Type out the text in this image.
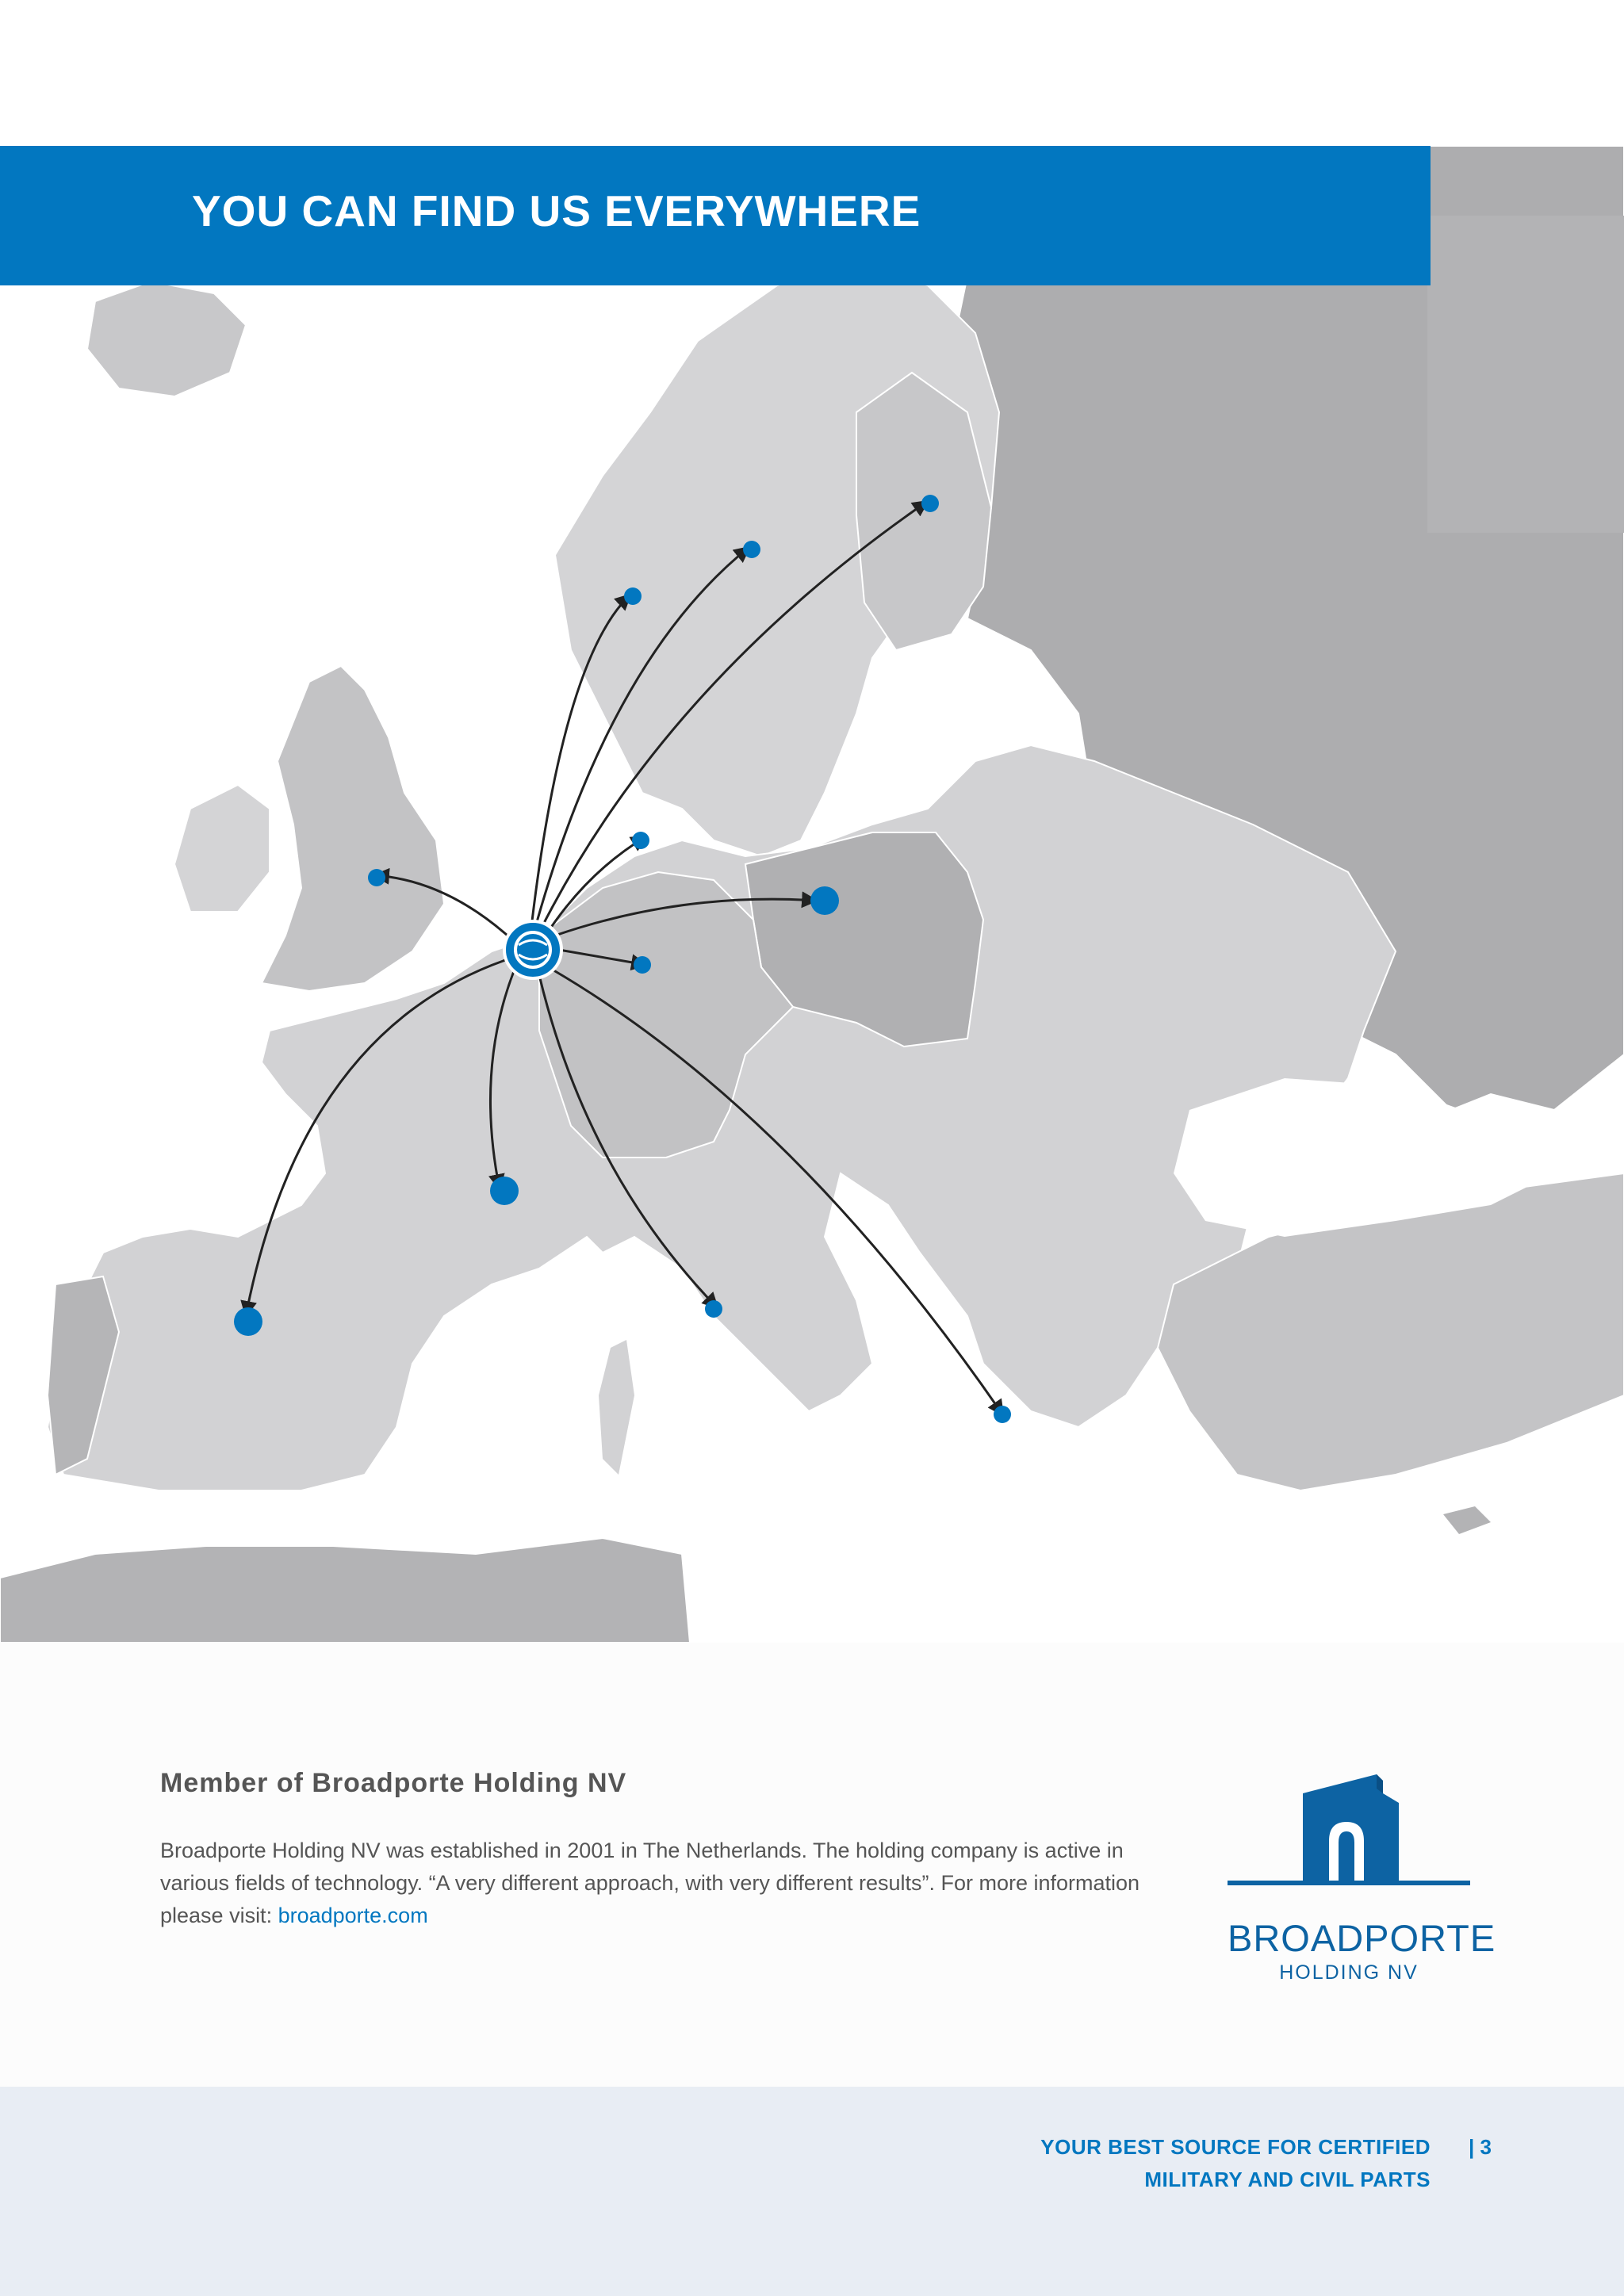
YOU CAN FIND US EVERYWHERE
Member of Broadporte Holding NV

Broadporte Holding NV was established in 2001 in The Netherlands. The holding company is active in various fields of technology. “A very different approach, with very different results”. For more information please visit: broadporte.com

BROADPORTE
HOLDING NV

YOUR BEST SOURCE FOR CERTIFIED
MILITARY AND CIVIL PARTS

| 3
